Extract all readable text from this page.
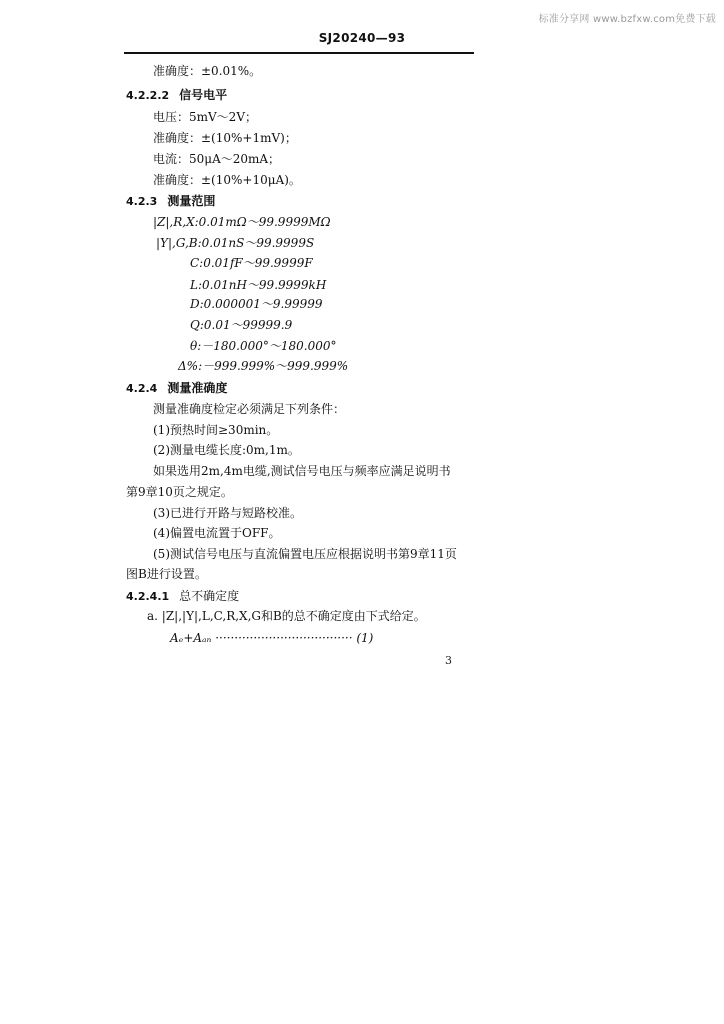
标准分享网 www.bzfxw.com免费下载
SJ20240—93
准确度：±0.01%。
4.2.2.2 信号电平
电压：5mV～2V；
准确度：±(10%+1mV)；
电流：50μA～20mA；
准确度：±(10%+10μA)。
4.2.3 测量范围
|Z|,R,X:0.01mΩ～99.9999MΩ
|Y|,G,B:0.01nS～99.9999S
C:0.01fF～99.9999F
L:0.01nH～99.9999kH
D:0.000001～9.99999
Q:0.01～99999.9
θ:－180.000°～180.000°
Δ%:－999.999%～999.999%
4.2.4 测量准确度
测量准确度检定必须满足下列条件：
(1)预热时间≥30min。
(2)测量电缆长度:0m,1m。
如果选用2m,4m电缆,测试信号电压与频率应满足说明书
第9章10页之规定。
(3)已进行开路与短路校准。
(4)偏置电流置于OFF。
(5)测试信号电压与直流偏置电压应根据说明书第9章11页
图B进行设置。
4.2.4.1 总不确定度
a. |Z|,|Y|,L,C,R,X,G和B的总不确定度由下式给定。
Aₑ+Aₐₙ ···································· (1)
3
